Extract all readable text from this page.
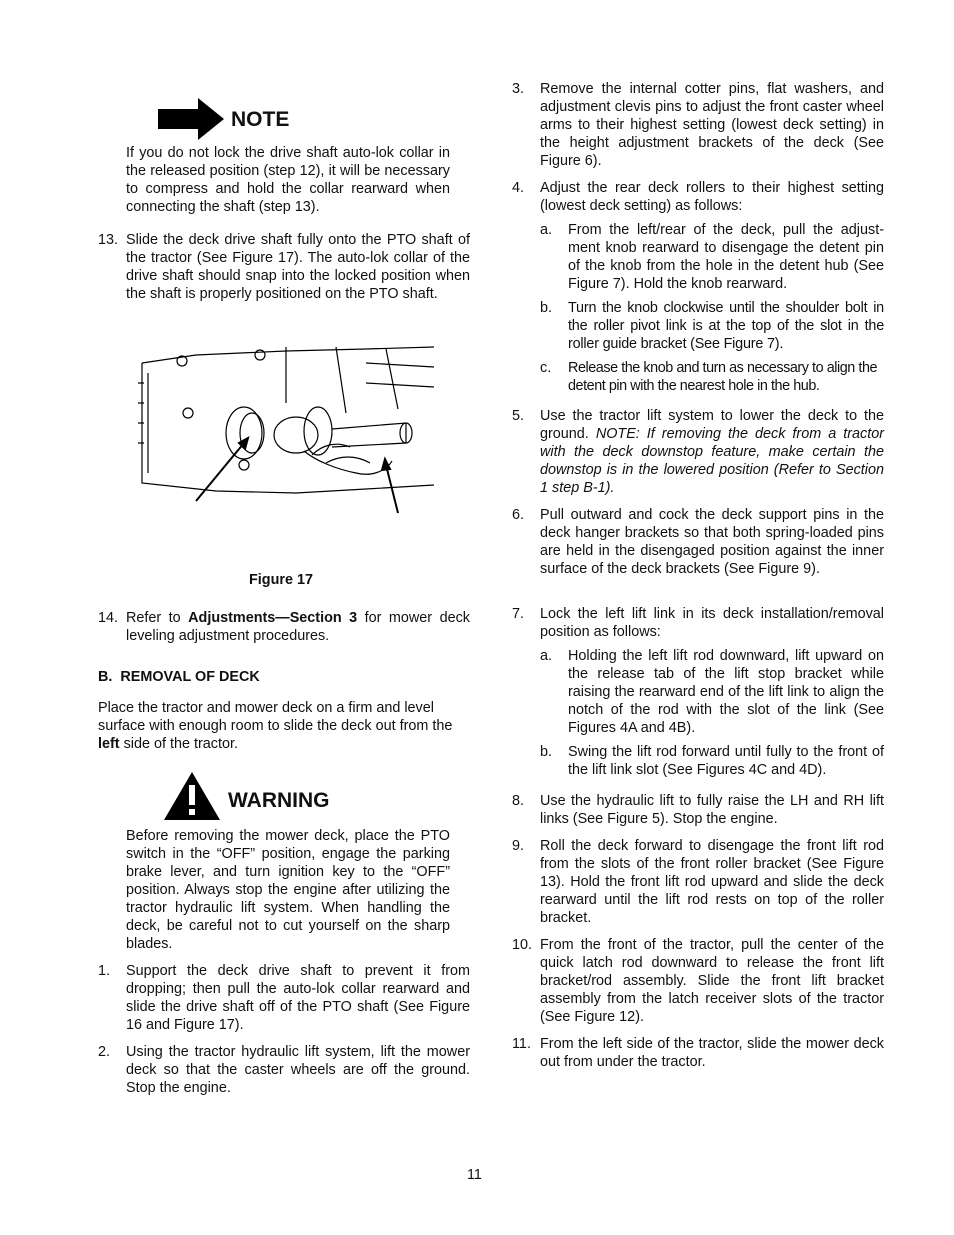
NOTE

If you do not lock the drive shaft auto-lok collar in the released position (step 12), it will be necessary to compress and hold the collar rearward when connecting the shaft (step 13).

13. Slide the deck drive shaft fully onto the PTO shaft of the tractor (See Figure 17). The auto-lok collar of the drive shaft should snap into the locked position when the shaft is properly positioned on the PTO shaft.

Figure 17
14. Refer to Adjustments—Section 3 for mower deck leveling adjustment procedures.

B.  REMOVAL OF DECK

Place the tractor and mower deck on a firm and level surface with enough room to slide the deck out from the left side of the tractor.

WARNING

Before removing the mower deck, place the PTO switch in the “OFF” position, engage the parking brake lever, and turn ignition key to the “OFF” position. Always stop the engine after utilizing the tractor hydraulic lift system. When handling the deck, be careful not to cut yourself on the sharp blades.

1. Support the deck drive shaft to prevent it from dropping; then pull the auto-lok collar rearward and slide the drive shaft off of the PTO shaft (See Figure 16 and Figure 17).

2. Using the tractor hydraulic lift system, lift the mower deck so that the caster wheels are off the ground. Stop the engine.

3. Remove the internal cotter pins, flat washers, and adjustment clevis pins to adjust the front caster wheel arms to their highest setting (lowest deck setting) in the height adjustment brackets of the deck (See Figure 6).

4. Adjust the rear deck rollers to their highest setting (lowest deck setting) as follows:

a. From the left/rear of the deck, pull the adjust-ment knob rearward to disengage the detent pin of the knob from the hole in the detent hub (See Figure 7). Hold the knob rearward.

b. Turn the knob clockwise until the shoulder bolt in the roller pivot link is at the top of the slot in the roller guide bracket (See Figure 7).

c. Release the knob and turn as necessary to align the detent pin with the nearest hole in the hub.

5. Use the tractor lift system to lower the deck to the ground. NOTE: If removing the deck from a tractor with the deck downstop feature, make certain the downstop is in the lowered position (Refer to Section 1 step B-1).

6. Pull outward and cock the deck support pins in the deck hanger brackets so that both spring-loaded pins are held in the disengaged position against the inner surface of the deck brackets (See Figure 9).

7. Lock the left lift link in its deck installation/removal position as follows:

a. Holding the left lift rod downward, lift upward on the release tab of the lift stop bracket while raising the rearward end of the lift link to align the notch of the rod with the slot of the link (See Figures 4A and 4B).

b. Swing the lift rod forward until fully to the front of the lift link slot (See Figures 4C and 4D).

8. Use the hydraulic lift to fully raise the LH and RH lift links (See Figure 5). Stop the engine.

9. Roll the deck forward to disengage the front lift rod from the slots of the front roller bracket (See Figure 13). Hold the front lift rod upward and slide the deck rearward until the lift rod rests on top of the roller bracket.

10. From the front of the tractor, pull the center of the quick latch rod downward to release the front lift bracket/rod assembly. Slide the front lift bracket assembly from the latch receiver slots of the tractor (See Figure 12).

11. From the left side of the tractor, slide the mower deck out from under the tractor.

11
